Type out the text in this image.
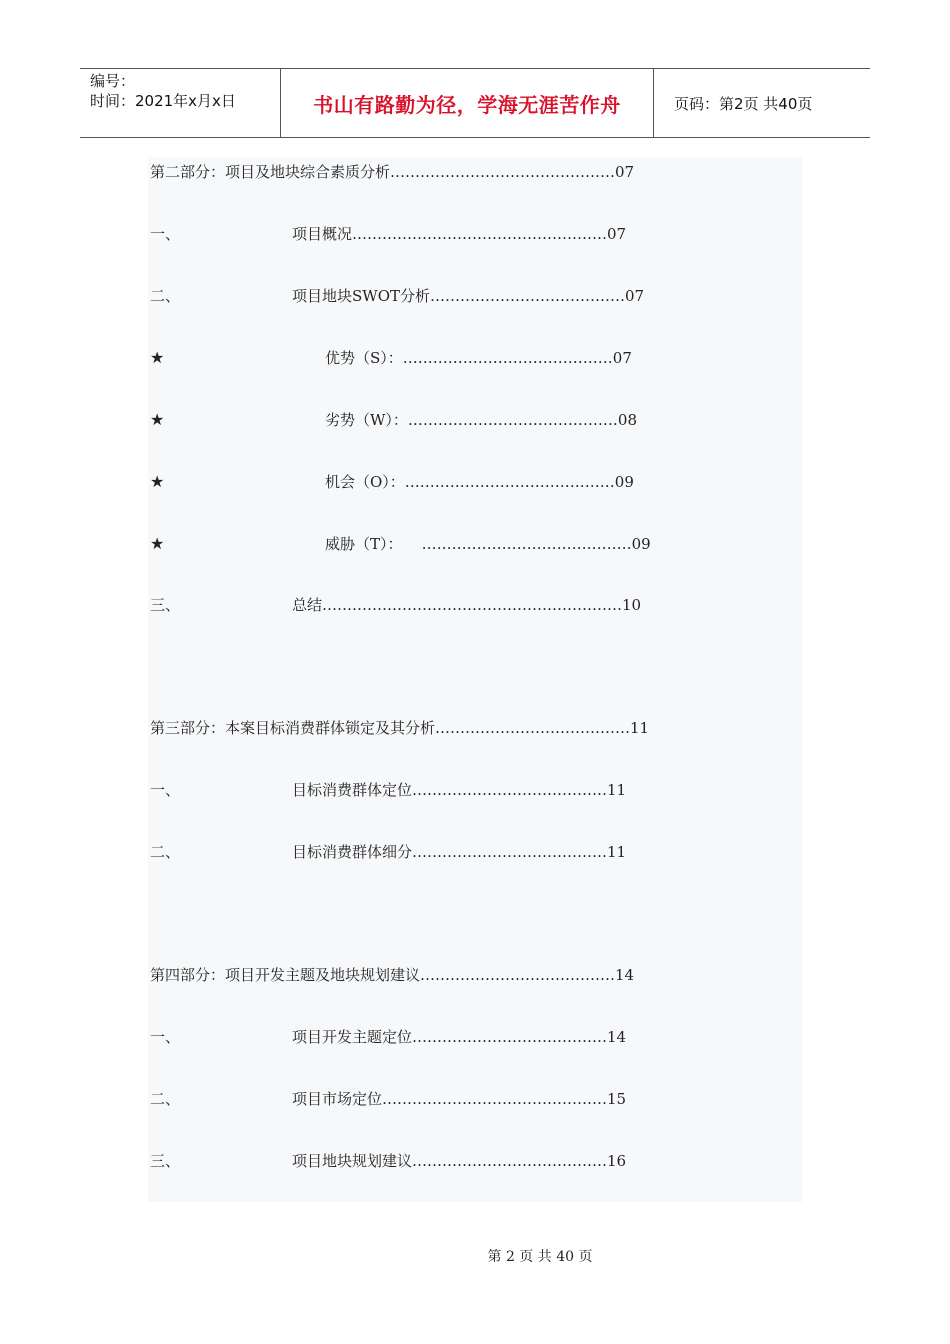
编号：
时间：2021年x月x日	书山有路勤为径，学海无涯苦作舟	页码：第2页 共40页
第二部分：项目及地块综合素质分析………………………………………07
一、	项目概况……………………………………………07
二、	项目地块SWOT分析…………………………………07
★	优势（S）：……………………………………07
★	劣势（W）：……………………………………08
★	机会（O）：……………………………………09
★	威胁（T）：    ……………………………………09
三、	总结……………………………………………………10
第三部分：本案目标消费群体锁定及其分析…………………………………11
一、	目标消费群体定位…………………………………11
二、	目标消费群体细分…………………………………11
第四部分：项目开发主题及地块规划建议…………………………………14
一、	项目开发主题定位…………………………………14
二、	项目市场定位………………………………………15
三、	项目地块规划建议…………………………………16
第 2 页 共 40 页
